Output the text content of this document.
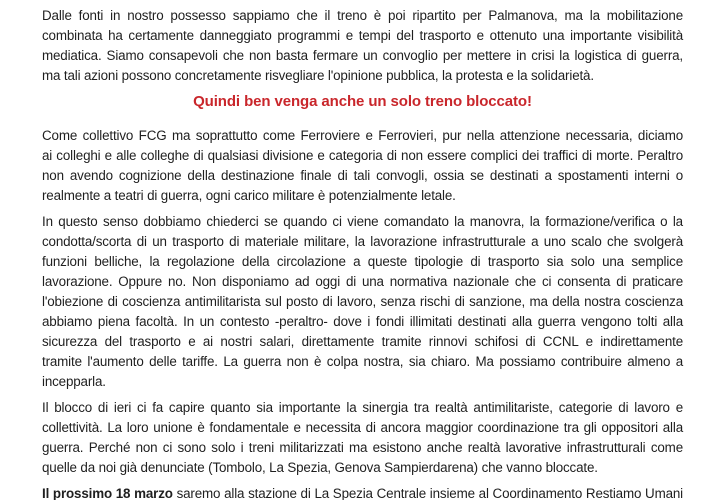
Dalle fonti in nostro possesso sappiamo che il treno è poi ripartito per Palmanova, ma la mobilitazione
combinata ha certamente danneggiato programmi e tempi del trasporto e ottenuto una importante visibilità
mediatica. Siamo consapevoli che non basta fermare un convoglio per mettere in crisi la logistica di guerra,
ma tali azioni possono concretamente risvegliare l'opinione pubblica, la protesta e la solidarietà.
Quindi ben venga anche un solo treno bloccato!
Come collettivo FCG ma soprattutto come Ferroviere e Ferrovieri, pur nella attenzione necessaria, diciamo
ai colleghi e alle colleghe di qualsiasi divisione e categoria di non essere complici dei traffici di morte. Peraltro
non avendo cognizione della destinazione finale di tali convogli, ossia se destinati a spostamenti interni o
realmente a teatri di guerra, ogni carico militare è potenzialmente letale.
In questo senso dobbiamo chiederci se quando ci viene comandato la manovra, la formazione/verifica o la
condotta/scorta di un trasporto di materiale militare, la lavorazione infrastrutturale a uno scalo che svolgerà
funzioni belliche, la regolazione della circolazione a queste tipologie di trasporto sia solo una semplice
lavorazione. Oppure no. Non disponiamo ad oggi di una normativa nazionale che ci consenta di praticare
l'obiezione di coscienza antimilitarista sul posto di lavoro, senza rischi di sanzione, ma della nostra coscienza
abbiamo piena facoltà. In un contesto -peraltro- dove i fondi illimitati destinati alla guerra vengono tolti alla
sicurezza del trasporto e ai nostri salari, direttamente tramite rinnovi schifosi di CCNL e indirettamente
tramite l'aumento delle tariffe. La guerra non è colpa nostra, sia chiaro. Ma possiamo contribuire almeno a
incepparla.
Il blocco di ieri ci fa capire quanto sia importante la sinergia tra realtà antimilitariste, categorie di lavoro e
collettività. La loro unione è fondamentale e necessita di ancora maggior coordinazione tra gli oppositori alla
guerra. Perché non ci sono solo i treni militarizzati ma esistono anche realtà lavorative infrastrutturali come
quelle da noi già denunciate (Tombolo, La Spezia, Genova Sampierdarena) che vanno bloccate.
Il prossimo 18 marzo saremo alla stazione di La Spezia Centrale insieme al Coordinamento Restiamo Umani
